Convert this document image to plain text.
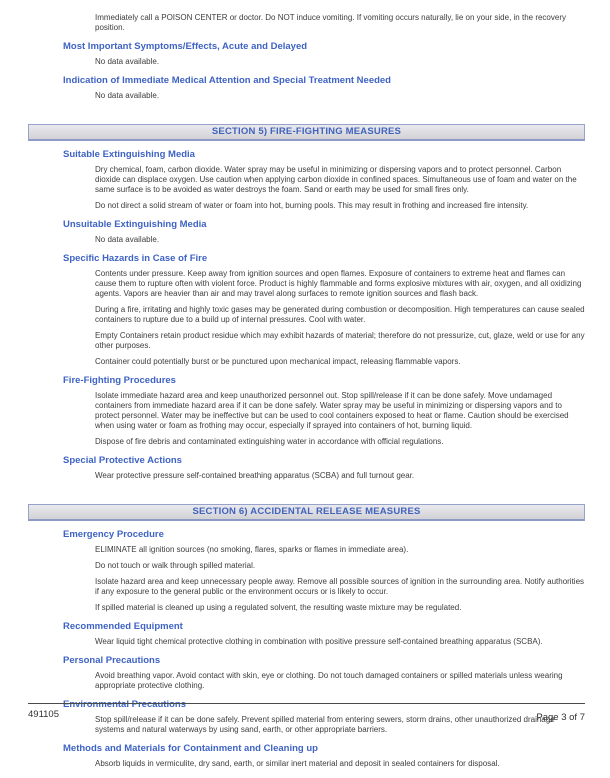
Immediately call a POISON CENTER or doctor. Do NOT induce vomiting. If vomiting occurs naturally, lie on your side, in the recovery position.

Most Important Symptoms/Effects, Acute and Delayed

No data available.

Indication of Immediate Medical Attention and Special Treatment Needed

No data available.

SECTION 5) FIRE-FIGHTING MEASURES
Suitable Extinguishing Media

Dry chemical, foam, carbon dioxide. Water spray may be useful in minimizing or dispersing vapors and to protect personnel. Carbon dioxide can displace oxygen. Use caution when applying carbon dioxide in confined spaces. Simultaneous use of foam and water on the same surface is to be avoided as water destroys the foam. Sand or earth may be used for small fires only.

Do not direct a solid stream of water or foam into hot, burning pools. This may result in frothing and increased fire intensity.

Unsuitable Extinguishing Media

No data available.

Specific Hazards in Case of Fire

Contents under pressure. Keep away from ignition sources and open flames. Exposure of containers to extreme heat and flames can cause them to rupture often with violent force. Product is highly flammable and forms explosive mixtures with air, oxygen, and all oxidizing agents. Vapors are heavier than air and may travel along surfaces to remote ignition sources and flash back.

During a fire, irritating and highly toxic gases may be generated during combustion or decomposition. High temperatures can cause sealed containers to rupture due to a build up of internal pressures. Cool with water.

Empty Containers retain product residue which may exhibit hazards of material; therefore do not pressurize, cut, glaze, weld or use for any other purposes.

Container could potentially burst or be punctured upon mechanical impact, releasing flammable vapors.

Fire-Fighting Procedures

Isolate immediate hazard area and keep unauthorized personnel out. Stop spill/release if it can be done safely. Move undamaged containers from immediate hazard area if it can be done safely. Water spray may be useful in minimizing or dispersing vapors and to protect personnel. Water may be ineffective but can be used to cool containers exposed to heat or flame. Caution should be exercised when using water or foam as frothing may occur, especially if sprayed into containers of hot, burning liquid.

Dispose of fire debris and contaminated extinguishing water in accordance with official regulations.

Special Protective Actions

Wear protective pressure self-contained breathing apparatus (SCBA) and full turnout gear.

SECTION 6) ACCIDENTAL RELEASE MEASURES
Emergency Procedure

ELIMINATE all ignition sources (no smoking, flares, sparks or flames in immediate area).

Do not touch or walk through spilled material.

Isolate hazard area and keep unnecessary people away. Remove all possible sources of ignition in the surrounding area. Notify authorities if any exposure to the general public or the environment occurs or is likely to occur.

If spilled material is cleaned up using a regulated solvent, the resulting waste mixture may be regulated.

Recommended Equipment

Wear liquid tight chemical protective clothing in combination with positive pressure self-contained breathing apparatus (SCBA).

Personal Precautions

Avoid breathing vapor. Avoid contact with skin, eye or clothing. Do not touch damaged containers or spilled materials unless wearing appropriate protective clothing.

Environmental Precautions

Stop spill/release if it can be done safely. Prevent spilled material from entering sewers, storm drains, other unauthorized drainage systems and natural waterways by using sand, earth, or other appropriate barriers.

Methods and Materials for Containment and Cleaning up

Absorb liquids in vermiculite, dry sand, earth, or similar inert material and deposit in sealed containers for disposal.

491105	Page 3 of 7
